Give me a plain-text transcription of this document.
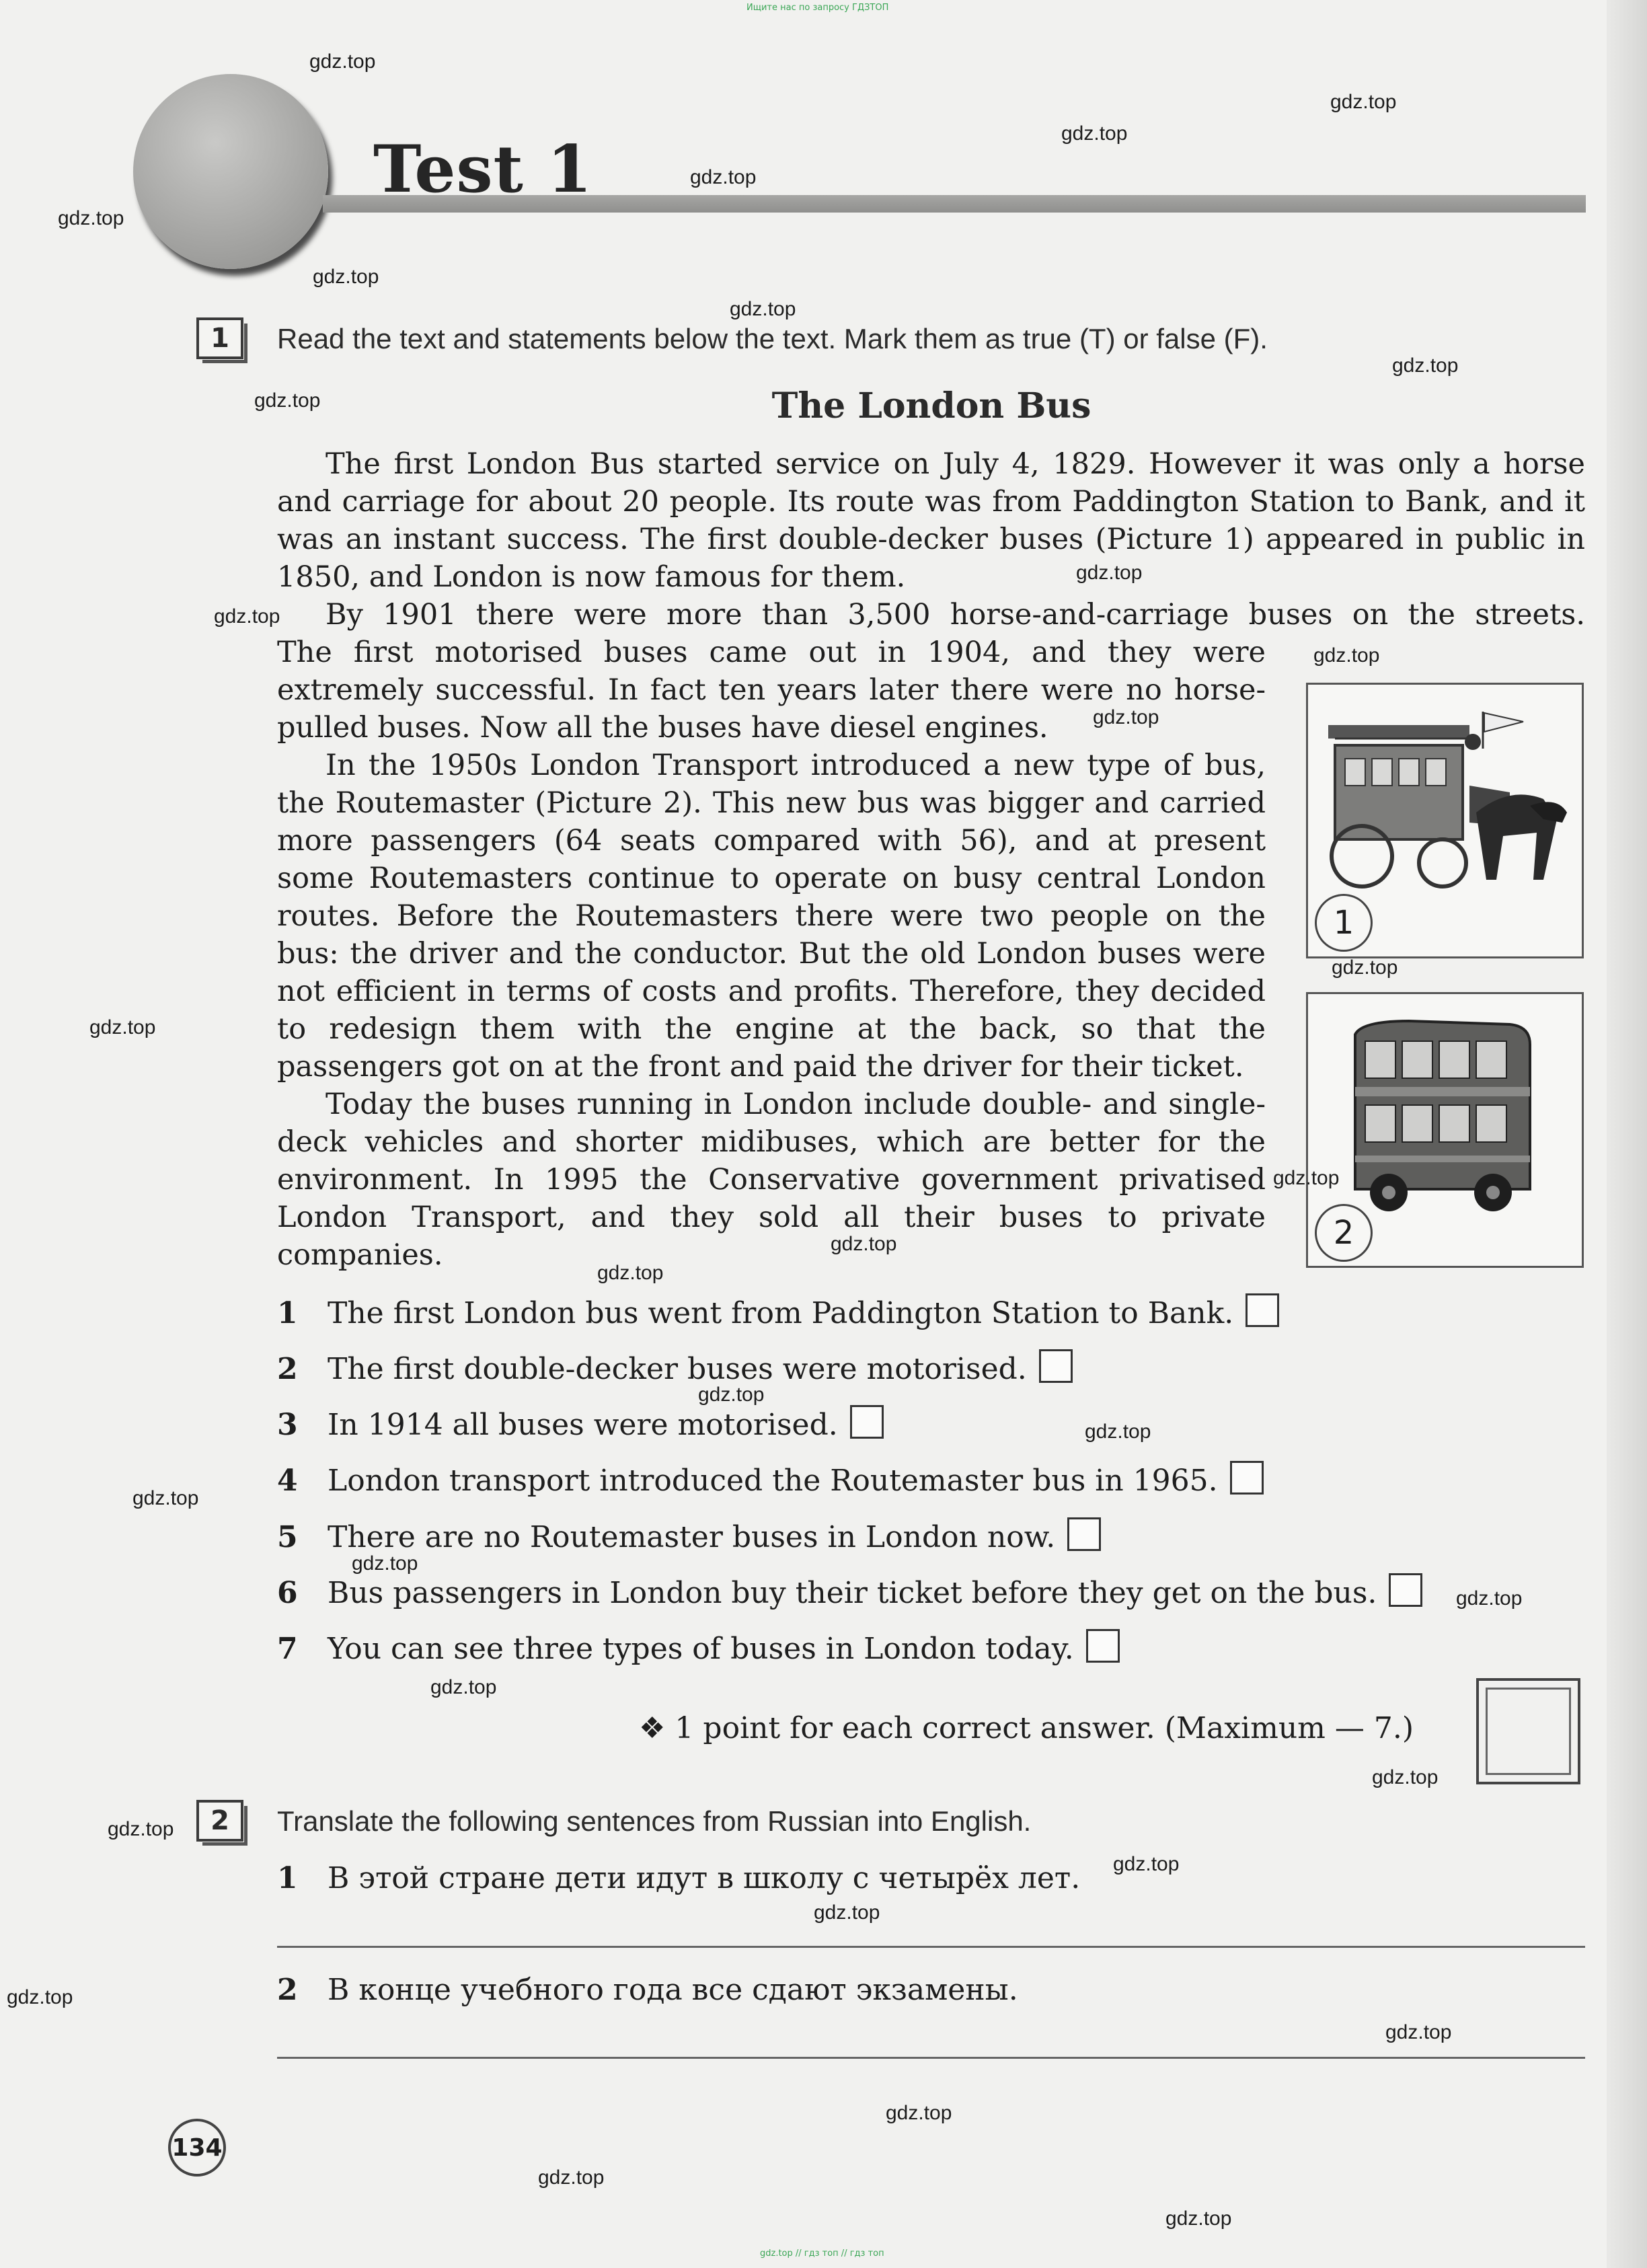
Ищите нас по запросу ГДЗТОП
Test 1
1	Read the text and statements below the text. Mark them as true (T) or false (F).
The London Bus

The first London Bus started service on July 4, 1829. However it was only a horse and carriage for about 20 people. Its route was from Paddington Station to Bank, and it was an instant success. The first double-decker buses (Picture 1) appeared in public in 1850, and London is now famous for them.

By 1901 there were more than 3,500 horse-and-carriage buses on the streets.

The first motorised buses came out in 1904, and they were extremely successful. In fact ten years later there were no horse-pulled buses. Now all the buses have diesel engines.

In the 1950s London Transport introduced a new type of bus, the Routemaster (Picture 2). This new bus was bigger and carried more passengers (64 seats compared with 56), and at present some Routemasters continue to operate on busy central London routes. Before the Routemasters there were two people on the bus: the driver and the conductor. But the old London buses were not efficient in terms of costs and profits. Therefore, they decided to redesign them with the engine at the back, so that the passengers got on at the front and paid the driver for their ticket.

Today the buses running in London include double- and single-deck vehicles and shorter midibuses, which are better for the environment. In 1995 the Conservative government privatised London Transport, and they sold all their buses to private companies.

1
2
1 The first London bus went from Paddington Station to Bank.
2 The first double-decker buses were motorised.
3 In 1914 all buses were motorised.
4 London transport introduced the Routemaster bus in 1965.
5 There are no Routemaster buses in London now.
6 Bus passengers in London buy their ticket before they get on the bus.
7 You can see three types of buses in London today.
❖ 1 point for each correct answer. (Maximum — 7.)
2	Translate the following sentences from Russian into English.
1 В этой стране дети идут в школу с четырёх лет.
2 В конце учебного года все сдают экзамены.
134
gdz.top
gdz.top
gdz.top
gdz.top
gdz.top
gdz.top
gdz.top
gdz.top
gdz.top
gdz.top
gdz.top
gdz.top
gdz.top
gdz.top
gdz.top
gdz.top
gdz.top
gdz.top
gdz.top
gdz.top
gdz.top
gdz.top
gdz.top
gdz.top
gdz.top
gdz.top
gdz.top
gdz.top
gdz.top
gdz.top
gdz.top
gdz.top
gdz.top
gdz.top // гдз топ // гдз топ
